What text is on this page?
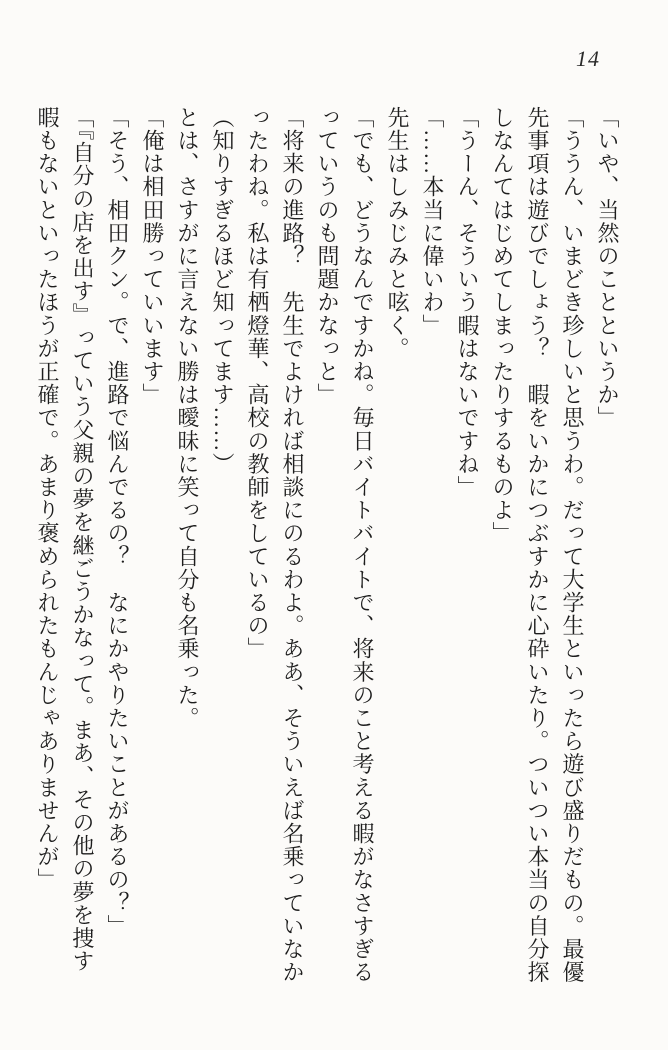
14

「いや、当然のことというか」

「ううん、いまどき珍しいと思うわ。だって大学生といったら遊び盛りだもの。最優先事項は遊びでしょう？　暇をいかにつぶすかに心砕いたり。ついつい本当の自分探しなんてはじめてしまったりするものよ」

「うーん、そういう暇はないですね」

「……本当に偉いわ」

先生はしみじみと呟く。

「でも、どうなんですかね。毎日バイトバイトで、将来のこと考える暇がなさすぎるっていうのも問題かなっと」

「将来の進路？　先生でよければ相談にのるわよ。ああ、そういえば名乗っていなかったわね。私は有栖燈華、高校の教師をしているの」

（知りすぎるほど知ってます……）

とは、さすがに言えない勝は曖昧に笑って自分も名乗った。

「俺は相田勝っていいます」

「そう、相田クン。で、進路で悩んでるの？　なにかやりたいことがあるの？」

「『自分の店を出す』っていう父親の夢を継ごうかなって。まあ、その他の夢を捜す暇もないといったほうが正確で。あまり褒められたもんじゃありませんが」
